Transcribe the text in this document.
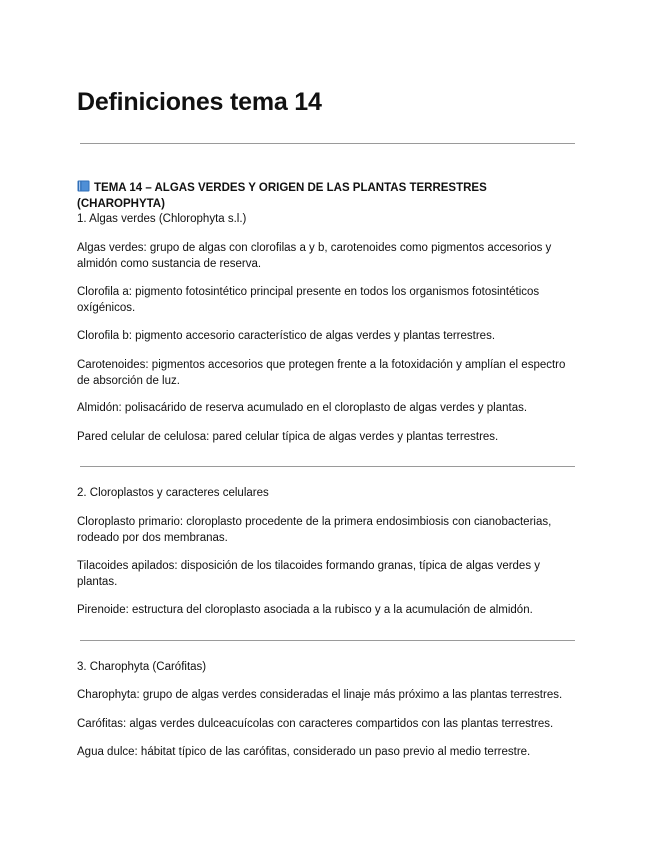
Definiciones tema 14
TEMA 14 – ALGAS VERDES Y ORIGEN DE LAS PLANTAS TERRESTRES (CHAROPHYTA)

1. Algas verdes (Chlorophyta s.l.)

Algas verdes: grupo de algas con clorofilas a y b, carotenoides como pigmentos accesorios y almidón como sustancia de reserva.

Clorofila a: pigmento fotosintético principal presente en todos los organismos fotosintéticos oxígénicos.

Clorofila b: pigmento accesorio característico de algas verdes y plantas terrestres.

Carotenoides: pigmentos accesorios que protegen frente a la fotoxidación y amplían el espectro de absorción de luz.

Almidón: polisacárido de reserva acumulado en el cloroplasto de algas verdes y plantas.

Pared celular de celulosa: pared celular típica de algas verdes y plantas terrestres.

2. Cloroplastos y caracteres celulares

Cloroplasto primario: cloroplasto procedente de la primera endosimbiosis con cianobacterias, rodeado por dos membranas.

Tilacoides apilados: disposición de los tilacoides formando granas, típica de algas verdes y plantas.

Pirenoide: estructura del cloroplasto asociada a la rubisco y a la acumulación de almidón.

3. Charophyta (Carófitas)

Charophyta: grupo de algas verdes consideradas el linaje más próximo a las plantas terrestres.

Carófitas: algas verdes dulceacuícolas con caracteres compartidos con las plantas terrestres.

Agua dulce: hábitat típico de las carófitas, considerado un paso previo al medio terrestre.
